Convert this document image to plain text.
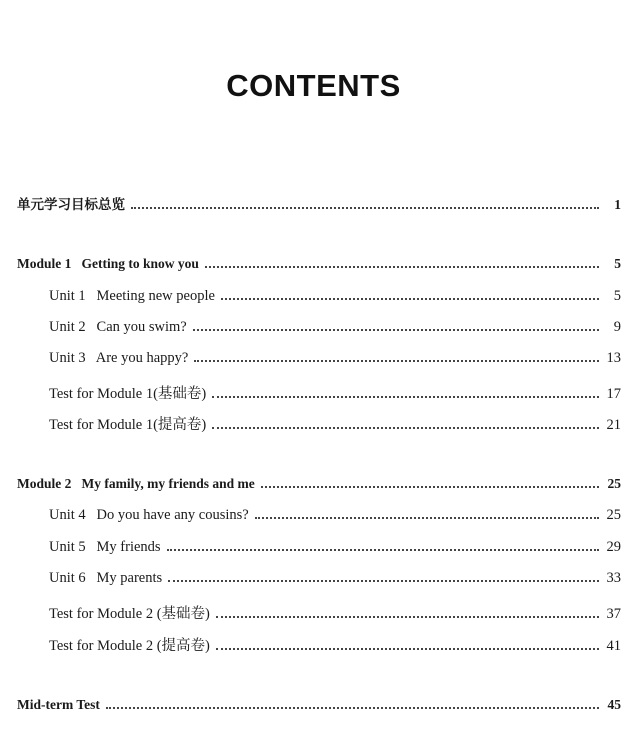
CONTENTS
单元学习目标总览	1
Module 1   Getting to know you	5
Unit 1   Meeting new people	5
Unit 2   Can you swim?	9
Unit 3   Are you happy?	13
Test for Module 1(基础卷)	17
Test for Module 1(提高卷)	21
Module 2   My family, my friends and me	25
Unit 4   Do you have any cousins?	25
Unit 5   My friends	29
Unit 6   My parents	33
Test for Module 2 (基础卷)	37
Test for Module 2 (提高卷)	41
Mid-term Test	45
